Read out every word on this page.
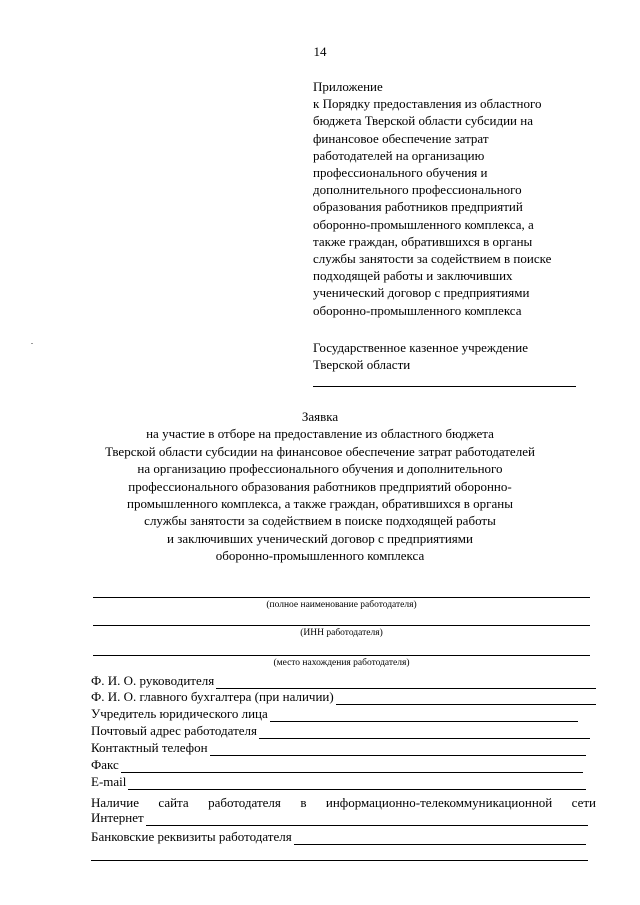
14
Приложение
к Порядку предоставления из областного
бюджета Тверской области субсидии на
финансовое обеспечение затрат
работодателей на организацию
профессионального обучения и
дополнительного профессионального
образования работников предприятий
оборонно-промышленного комплекса, а
также граждан, обратившихся в органы
службы занятости за содействием в поиске
подходящей работы и заключивших
ученический договор с предприятиями
оборонно-промышленного комплекса
Государственное казенное учреждение
Тверской области
Заявка
на участие в отборе на предоставление из областного бюджета
Тверской области субсидии на финансовое обеспечение затрат работодателей
на организацию профессионального обучения и дополнительного
профессионального образования работников предприятий оборонно-
промышленного комплекса, а также граждан, обратившихся в органы
службы занятости за содействием в поиске подходящей работы
и заключивших ученический договор с предприятиями
оборонно-промышленного комплекса
(полное наименование работодателя)
(ИНН работодателя)
(место нахождения работодателя)
Ф. И. О. руководителя
Ф. И. О. главного бухгалтера (при наличии)
Учредитель юридического лица
Почтовый адрес работодателя
Контактный телефон
Факс
E-mail
Наличие сайта работодателя в информационно-телекоммуникационной сети
Интернет
Банковские реквизиты работодателя
